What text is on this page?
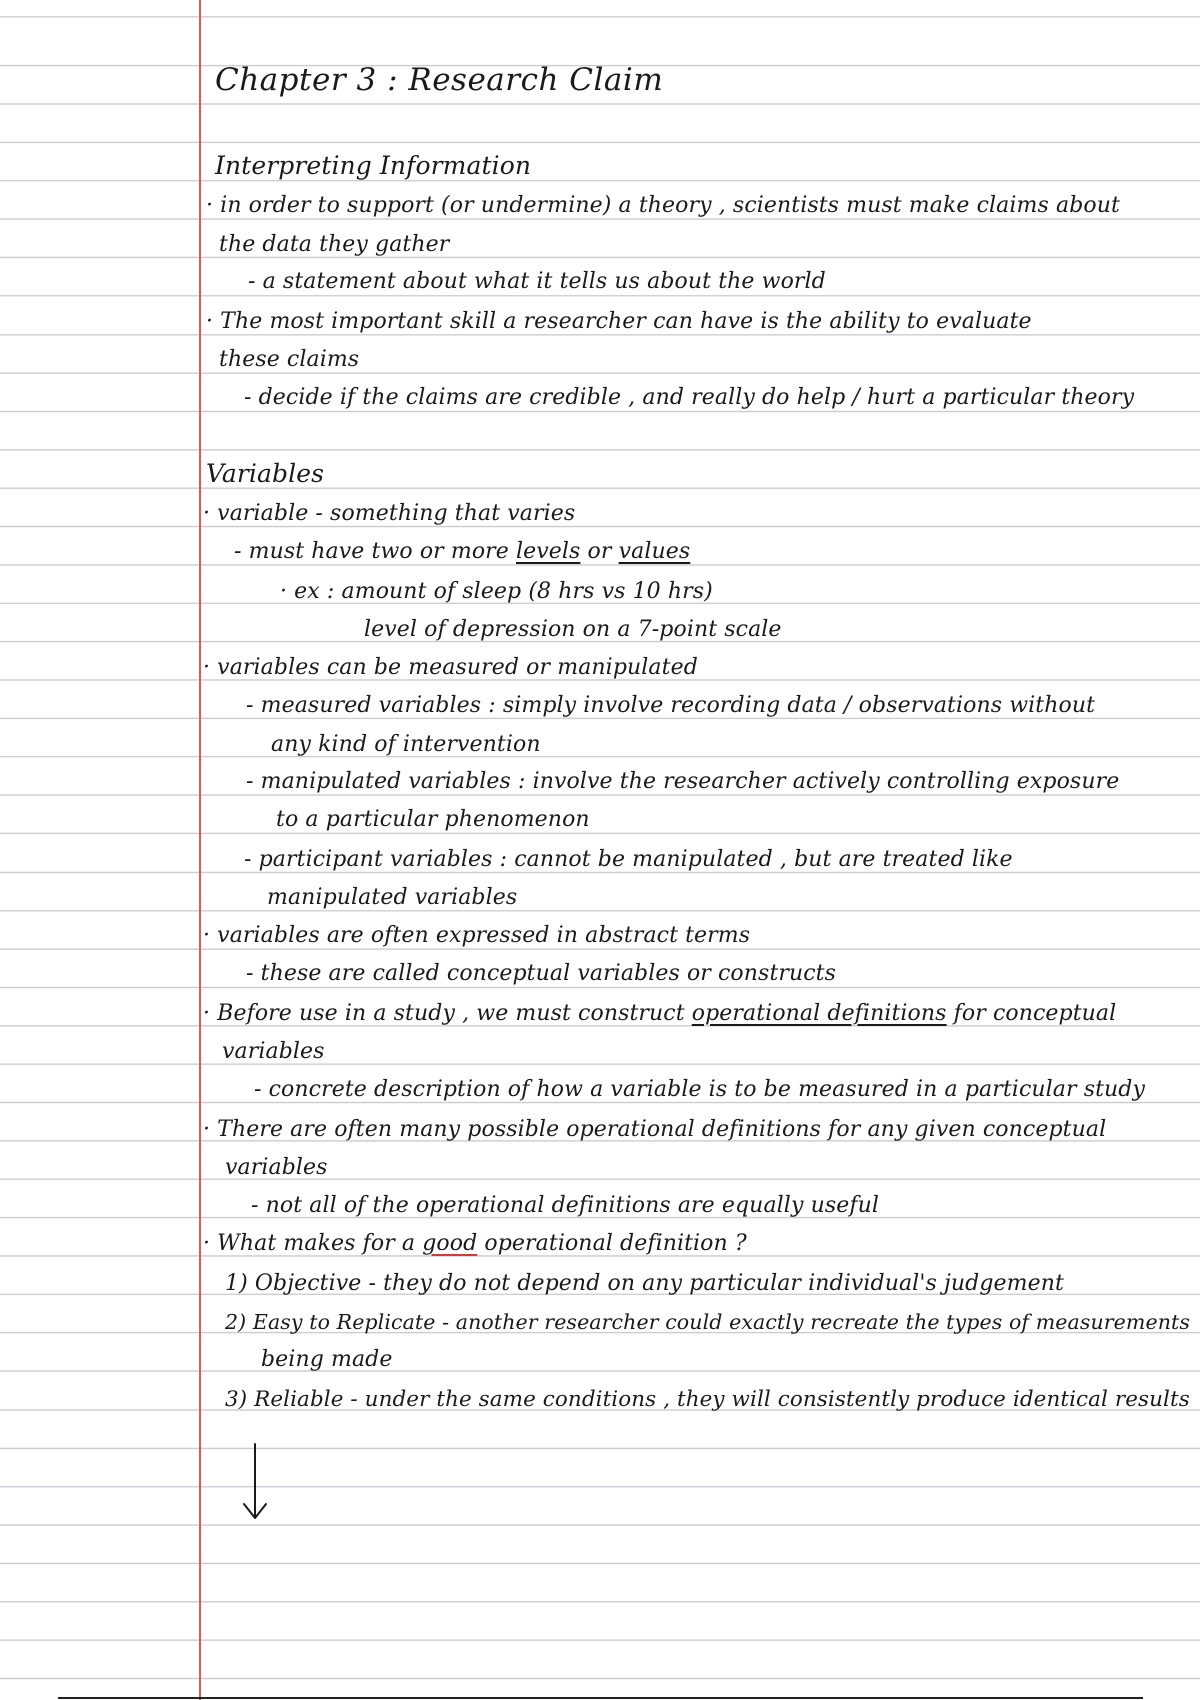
Chapter 3 : Research Claim
Interpreting Information
· in order to support (or undermine) a theory , scientists must make claims about
the data they gather
- a statement about what it tells us about the world
· The most important skill a researcher can have is the ability to evaluate
these claims
- decide if the claims are credible , and really do help / hurt a particular theory
Variables
· variable - something that varies
- must have two or more levels or values
· ex : amount of sleep (8 hrs vs 10 hrs)
level of depression on a 7-point scale
· variables can be measured or manipulated
- measured variables : simply involve recording data / observations without
any kind of intervention
- manipulated variables : involve the researcher actively controlling exposure
to a particular phenomenon
- participant variables : cannot be manipulated , but are treated like
manipulated variables
· variables are often expressed in abstract terms
- these are called conceptual variables or constructs
· Before use in a study , we must construct operational definitions for conceptual
variables
- concrete description of how a variable is to be measured in a particular study
· There are often many possible operational definitions for any given conceptual
variables
- not all of the operational definitions are equally useful
· What makes for a good operational definition ?
1) Objective - they do not depend on any particular individual's judgement
2) Easy to Replicate - another researcher could exactly recreate the types of measurements
being made
3) Reliable - under the same conditions , they will consistently produce identical results
